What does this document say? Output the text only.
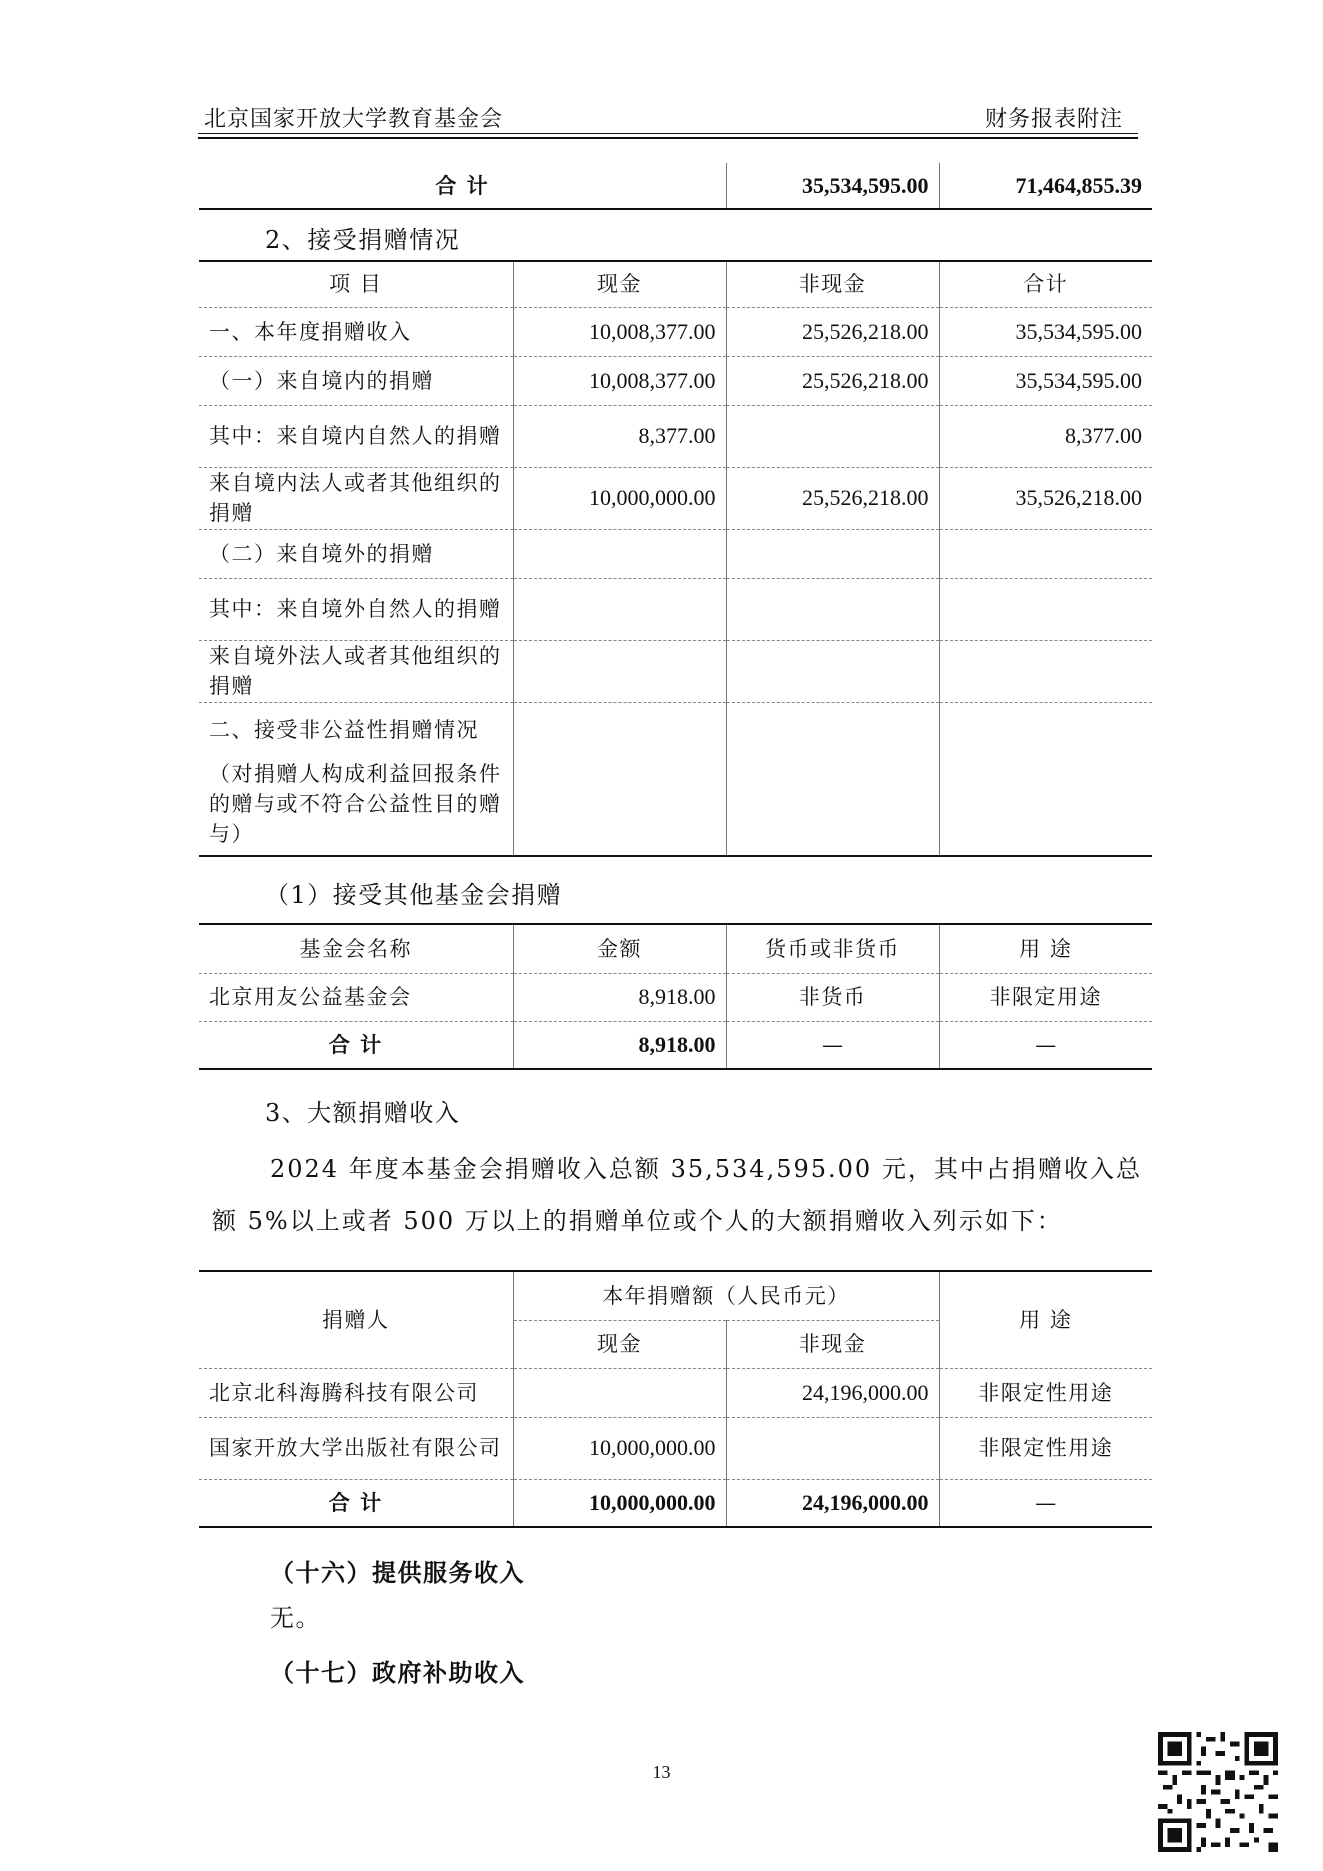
北京国家开放大学教育基金会	财务报表附注
合 计	35,534,595.00	71,464,855.39
2、接受捐赠情况
项 目	现金	非现金	合计
一、本年度捐赠收入	10,008,377.00	25,526,218.00	35,534,595.00
（一）来自境内的捐赠	10,008,377.00	25,526,218.00	35,534,595.00
其中：来自境内自然人的捐赠	8,377.00		8,377.00
来自境内法人或者其他组织的捐赠	10,000,000.00	25,526,218.00	35,526,218.00
（二）来自境外的捐赠			
其中：来自境外自然人的捐赠			
来自境外法人或者其他组织的捐赠			

二、接受非公益性捐赠情况
（对捐赠人构成利益回报条件的赠与或不符合公益性目的赠与）			

（1）接受其他基金会捐赠
基金会名称	金额	货币或非货币	用 途
北京用友公益基金会	8,918.00	非货币	非限定用途
合 计	8,918.00	—	—
3、大额捐赠收入
2024 年度本基金会捐赠收入总额 35,534,595.00 元，其中占捐赠收入总额 5%以上或者 500 万以上的捐赠单位或个人的大额捐赠收入列示如下：
捐赠人	本年捐赠额（人民币元）		用 途
	现金	非现金	
北京北科海腾科技有限公司		24,196,000.00	非限定性用途
国家开放大学出版社有限公司	10,000,000.00		非限定性用途
合 计	10,000,000.00	24,196,000.00	—
（十六）提供服务收入
无。
（十七）政府补助收入
13
